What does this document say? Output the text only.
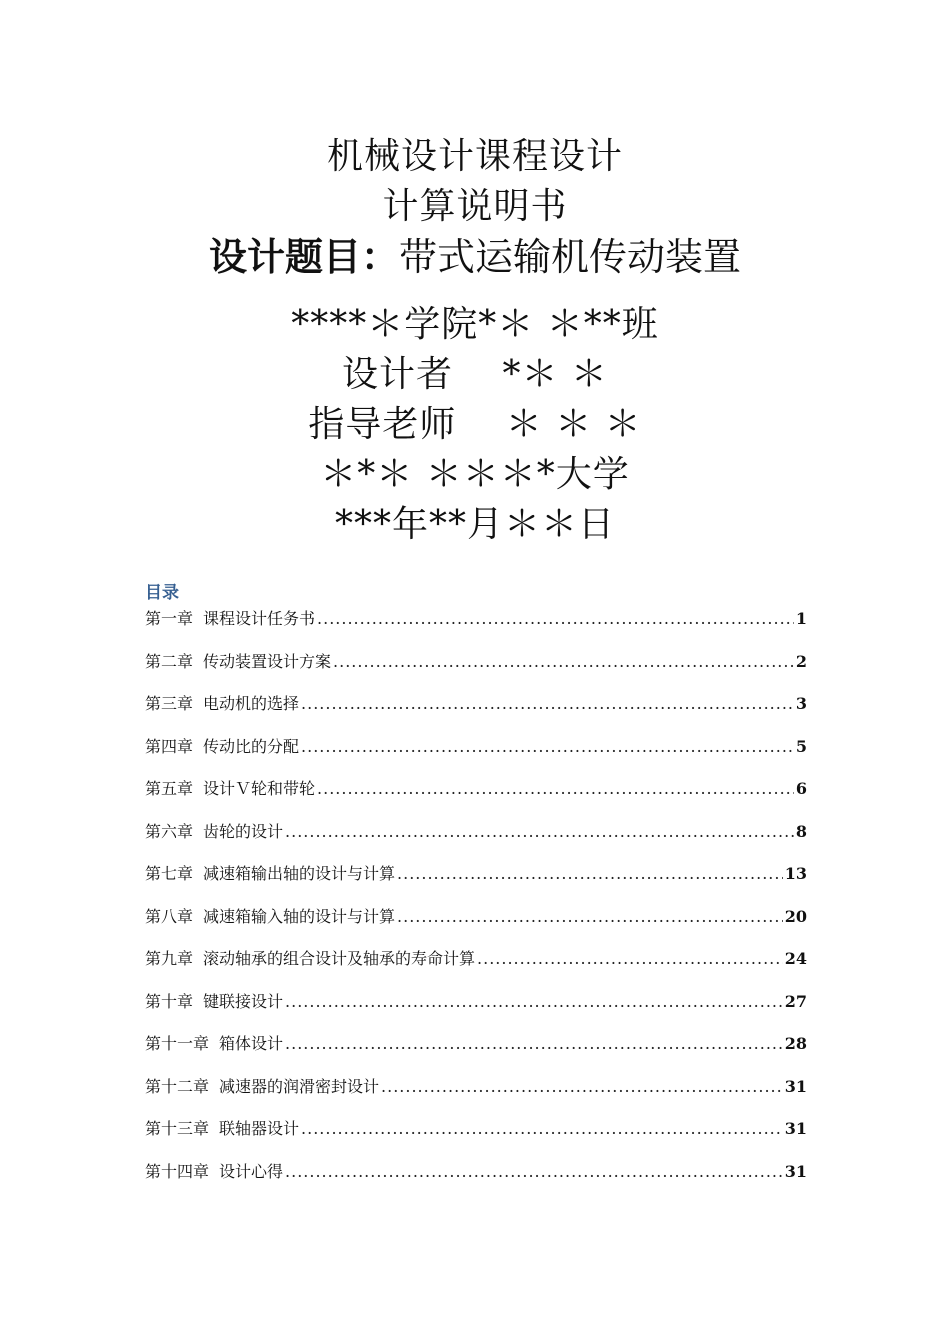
机械设计课程设计
计算说明书
设计题目：带式运输机传动装置
****＊学院*＊ ＊**班
设计者　 *＊ ＊
指导老师　 ＊ ＊ ＊
＊*＊ ＊＊＊*大学
***年**月＊＊日
目录
第一章 课程设计任务书 .....	1
第二章 传动装置设计方案 .....	2
第三章 电动机的选择 .....	3
第四章 传动比的分配 .....	5
第五章 设计Ｖ轮和带轮 .....	6
第六章 齿轮的设计 .....	8
第七章 减速箱输出轴的设计与计算 .....	13
第八章 减速箱输入轴的设计与计算 .....	20
第九章 滚动轴承的组合设计及轴承的寿命计算 .....	24
第十章 键联接设计 .....	27
第十一章 箱体设计 .....	28
第十二章 减速器的润滑密封设计 .....	31
第十三章 联轴器设计 .....	31
第十四章 设计心得 .....	31
